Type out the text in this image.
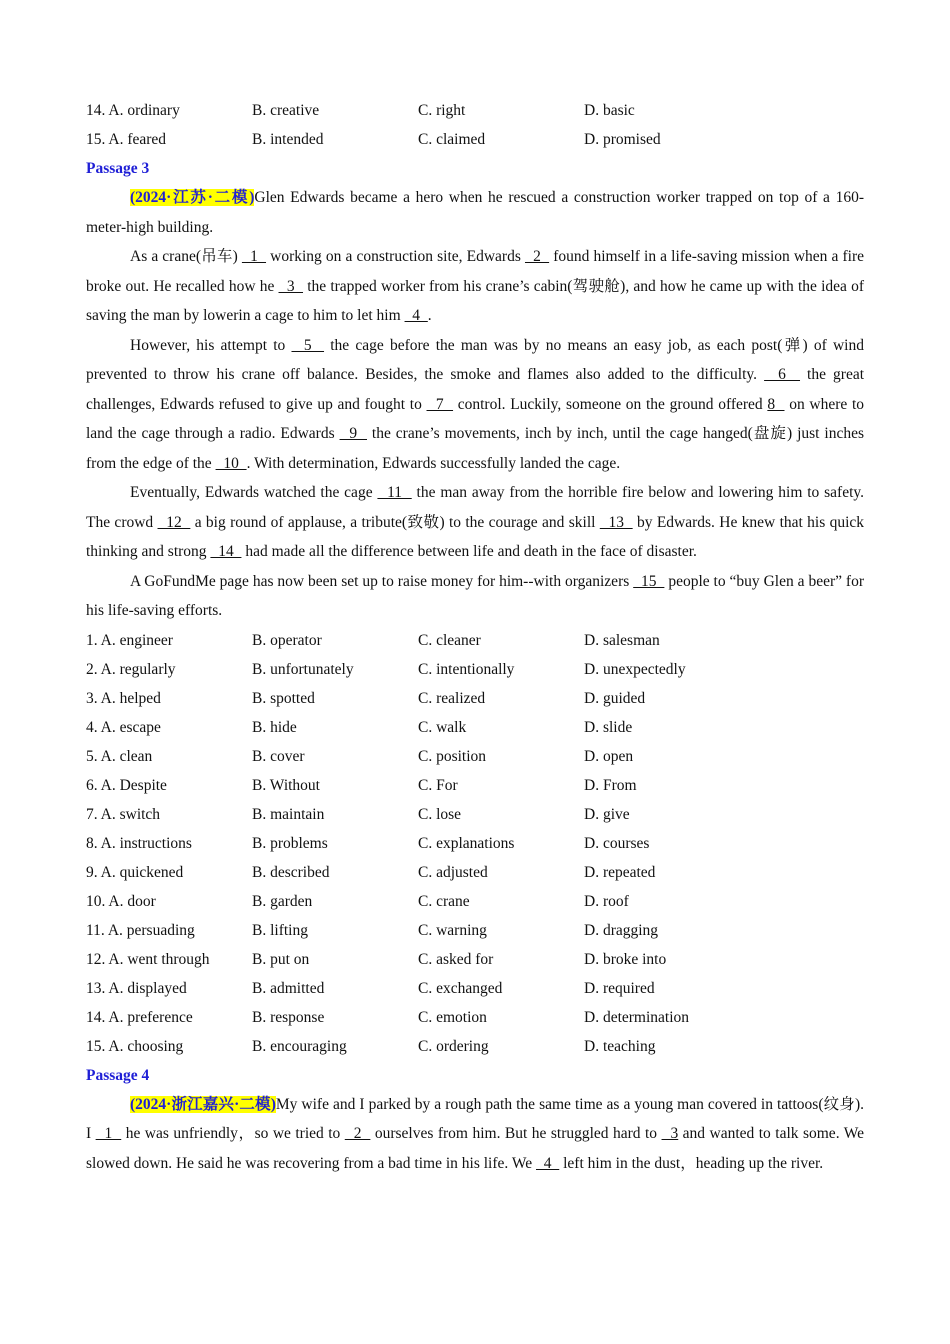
14. A. ordinary	B. creative	C. right	D. basic
15. A. feared	B. intended	C. claimed	D. promised
Passage 3

(2024·江苏·二模)Glen Edwards became a hero when he rescued a construction worker trapped on top of a 160-meter-high building.

As a crane(吊车)   1   working on a construction site, Edwards   2   found himself in a life-saving mission when a fire broke out. He recalled how he   3   the trapped worker from his crane’s cabin(驾驶舱), and how he came up with the idea of saving the man by lowerin a cage to him to let him   4  .

However, his attempt to   5   the cage before the man was by no means an easy job, as each post(弹) of wind prevented to throw his crane off balance. Besides, the smoke and flames also added to the difficulty.   6   the great challenges, Edwards refused to give up and fought to   7   control. Luckily, someone on the ground offered 8   on where to land the cage through a radio. Edwards   9   the crane’s movements, inch by inch, until the cage hanged(盘旋) just inches from the edge of the   10  . With determination, Edwards successfully landed the cage.

Eventually, Edwards watched the cage   11   the man away from the horrible fire below and lowering him to safety. The crowd   12   a big round of applause, a tribute(致敬) to the courage and skill   13   by Edwards. He knew that his quick thinking and strong   14   had made all the difference between life and death in the face of disaster.

A GoFundMe page has now been set up to raise money for him--with organizers   15   people to “buy Glen a beer” for his life-saving efforts.

1. A. engineer	B. operator	C. cleaner	D. salesman
2. A. regularly	B. unfortunately	C. intentionally	D. unexpectedly
3. A. helped	B. spotted	C. realized	D. guided
4. A. escape	B. hide	C. walk	D. slide
5. A. clean	B. cover	C. position	D. open
6. A. Despite	B. Without	C. For	D. From
7. A. switch	B. maintain	C. lose	D. give
8. A. instructions	B. problems	C. explanations	D. courses
9. A. quickened	B. described	C. adjusted	D. repeated
10. A. door	B. garden	C. crane	D. roof
11. A. persuading	B. lifting	C. warning	D. dragging
12. A. went through	B. put on	C. asked for	D. broke into
13. A. displayed	B. admitted	C. exchanged	D. required
14. A. preference	B. response	C. emotion	D. determination
15. A. choosing	B. encouraging	C. ordering	D. teaching
Passage 4

(2024·浙江嘉兴·二模)My wife and I parked by a rough path the same time as a young man covered in tattoos(纹身). I   1   he was unfriendly，so we tried to   2   ourselves from him. But he struggled hard to   3 and wanted to talk some. We slowed down. He said he was recovering from a bad time in his life. We   4   left him in the dust，heading up the river.
